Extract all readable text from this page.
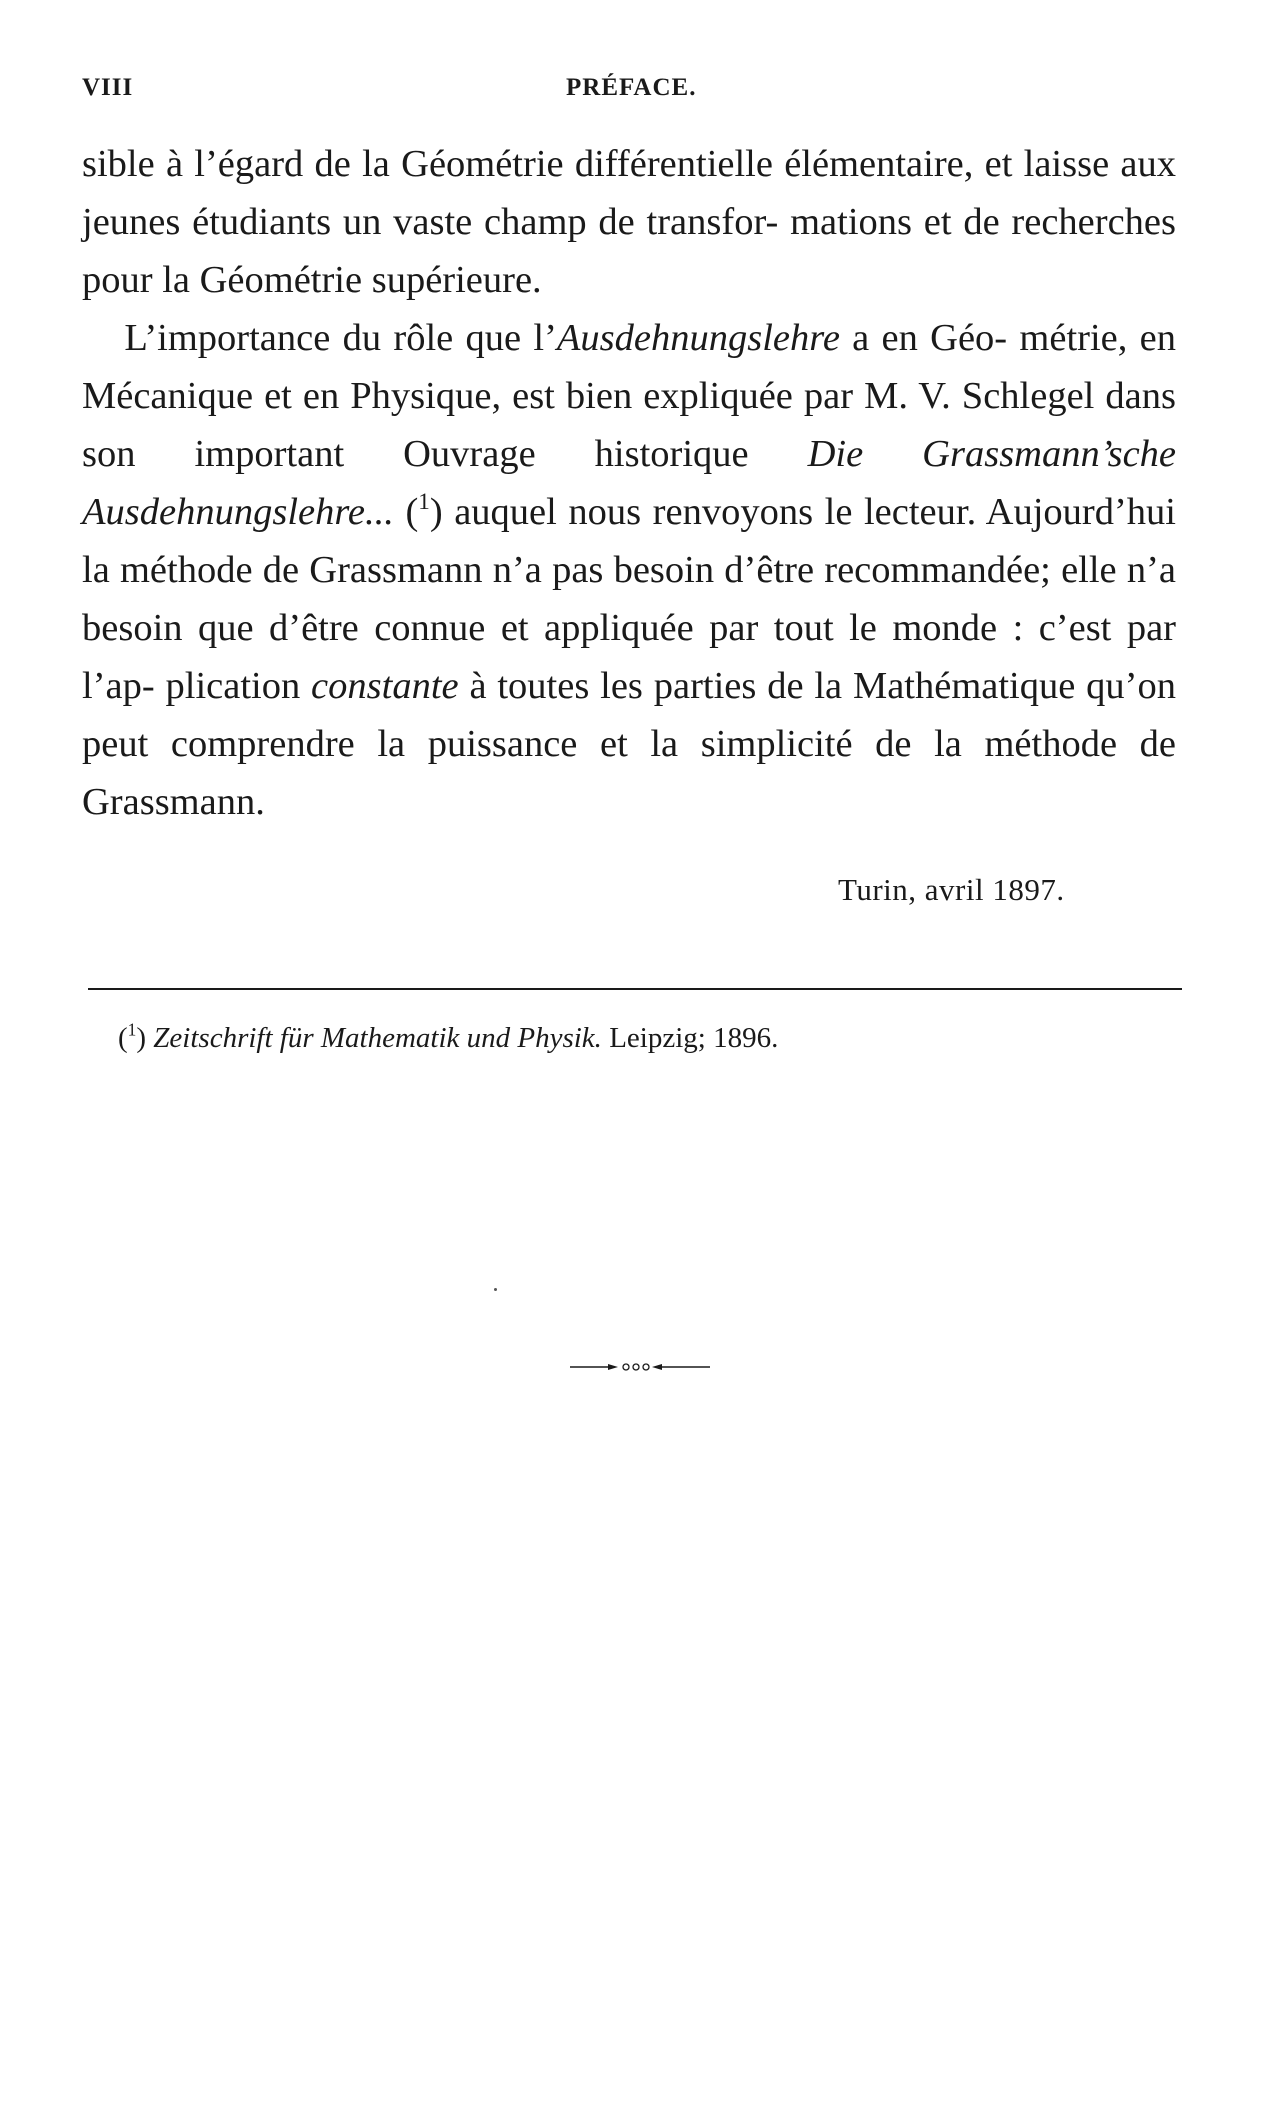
VIII	PRÉFACE.

sible à l’égard de la Géométrie différentielle élémentaire, et laisse aux jeunes étudiants un vaste champ de transfor- mations et de recherches pour la Géométrie supérieure.

L’importance du rôle que l’Ausdehnungslehre a en Géo- métrie, en Mécanique et en Physique, est bien expliquée par M. V. Schlegel dans son important Ouvrage historique Die Grassmann’sche Ausdehnungslehre... ($^1$) auquel nous renvoyons le lecteur. Aujourd’hui la méthode de Grassmann n’a pas besoin d’être recommandée; elle n’a besoin que d’être connue et appliquée par tout le monde : c’est par l’ap- plication constante à toutes les parties de la Mathématique qu’on peut comprendre la puissance et la simplicité de la méthode de Grassmann.

Turin, avril 1897.
($^1$) Zeitschrift für Mathematik und Physik. Leipzig; 1896.
